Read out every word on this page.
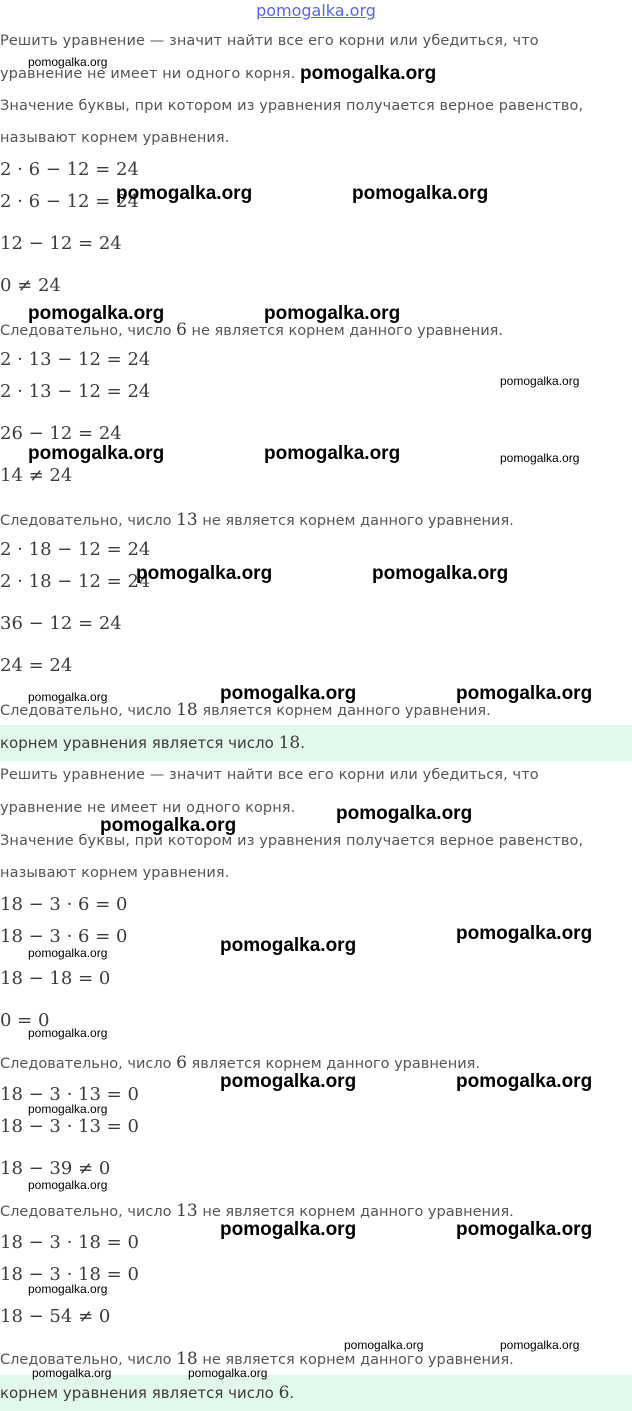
pomogalka.org
Решить уравнение — значит найти все его корни или убедиться, что
уравнение не имеет ни одного корня.
Значение буквы, при котором из уравнения получается верное равенство,
называют корнем уравнения.
2 · 6 − 12 = 24
2 · 6 − 12 = 24
12 − 12 = 24
0 ≠ 24
Следовательно, число 6 не является корнем данного уравнения.
2 · 13 − 12 = 24
2 · 13 − 12 = 24
26 − 12 = 24
14 ≠ 24
Следовательно, число 13 не является корнем данного уравнения.
2 · 18 − 12 = 24
2 · 18 − 12 = 24
36 − 12 = 24
24 = 24
Следовательно, число 18 является корнем данного уравнения.
корнем уравнения является число 18.
Решить уравнение — значит найти все его корни или убедиться, что
уравнение не имеет ни одного корня.
Значение буквы, при котором из уравнения получается верное равенство,
называют корнем уравнения.
18 − 3 · 6 = 0
18 − 3 · 6 = 0
18 − 18 = 0
0 = 0
Следовательно, число 6 является корнем данного уравнения.
18 − 3 · 13 = 0
18 − 3 · 13 = 0
18 − 39 ≠ 0
Следовательно, число 13 не является корнем данного уравнения.
18 − 3 · 18 = 0
18 − 3 · 18 = 0
18 − 54 ≠ 0
Следовательно, число 18 не является корнем данного уравнения.
корнем уравнения является число 6.
pomogalka.org
pomogalka.org
pomogalka.org	pomogalka.org
pomogalka.org	pomogalka.org
pomogalka.org
pomogalka.org	pomogalka.org	pomogalka.org
pomogalka.org	pomogalka.org
pomogalka.org	pomogalka.org	pomogalka.org
pomogalka.org
pomogalka.org
pomogalka.org
pomogalka.org
pomogalka.org
pomogalka.org
pomogalka.org	pomogalka.org
pomogalka.org
pomogalka.org
pomogalka.org	pomogalka.org
pomogalka.org
pomogalka.org	pomogalka.org
pomogalka.org	pomogalka.org
